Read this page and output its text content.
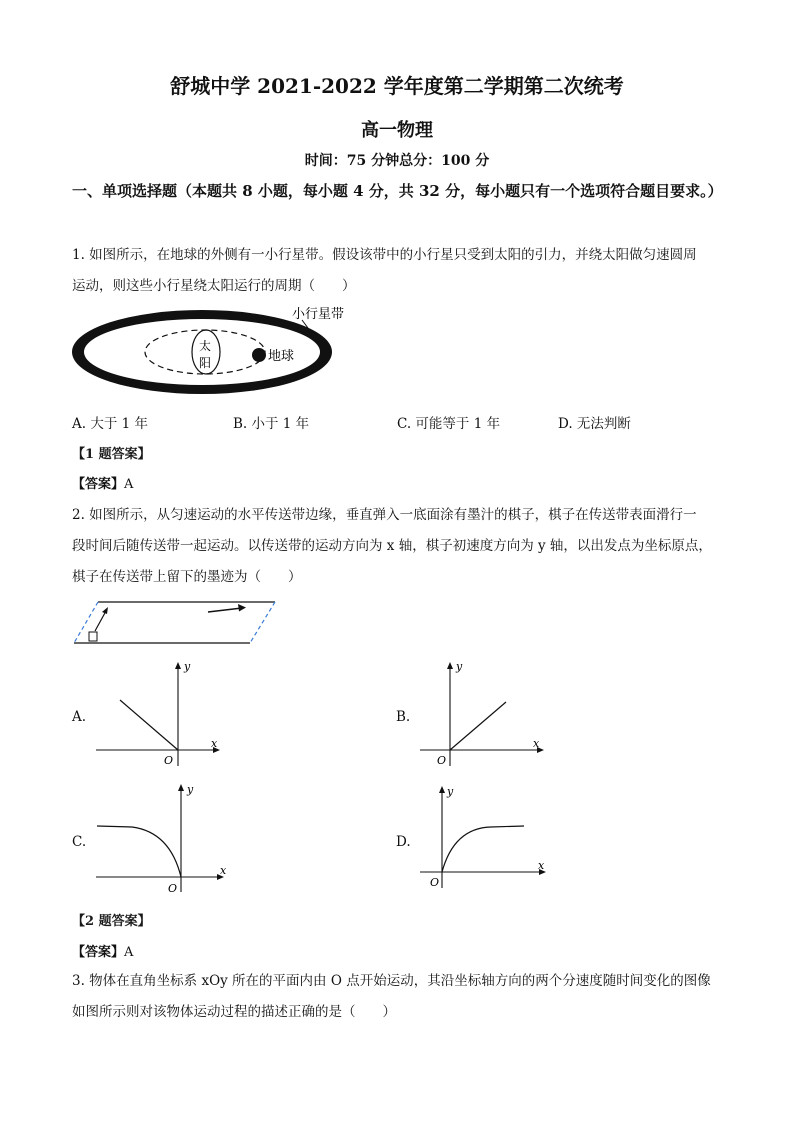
舒城中学 2021-2022 学年度第二学期第二次统考
高一物理
时间：75 分钟总分：100 分
一、单项选择题（本题共 8 小题，每小题 4 分，共 32 分，每小题只有一个选项符合题目要求。）
1. 如图所示，在地球的外侧有一小行星带。假设该带中的小行星只受到太阳的引力，并绕太阳做匀速圆周
运动，则这些小行星绕太阳运行的周期（　　）
太
阳	地球
小行星带
A. 大于 1 年	B. 小于 1 年	C. 可能等于 1 年	D. 无法判断
【1 题答案】
【答案】A
2. 如图所示，从匀速运动的水平传送带边缘，垂直弹入一底面涂有墨汁的棋子，棋子在传送带表面滑行一
段时间后随传送带一起运动。以传送带的运动方向为 x 轴，棋子初速度方向为 y 轴，以出发点为坐标原点，
棋子在传送带上留下的墨迹为（　　）
A.
y
x
O
B.
y
x
O
C.
y
x
O
D.
y
x
O
【2 题答案】
【答案】A
3. 物体在直角坐标系 xOy 所在的平面内由 O 点开始运动，其沿坐标轴方向的两个分速度随时间变化的图像
如图所示则对该物体运动过程的描述正确的是（　　）
